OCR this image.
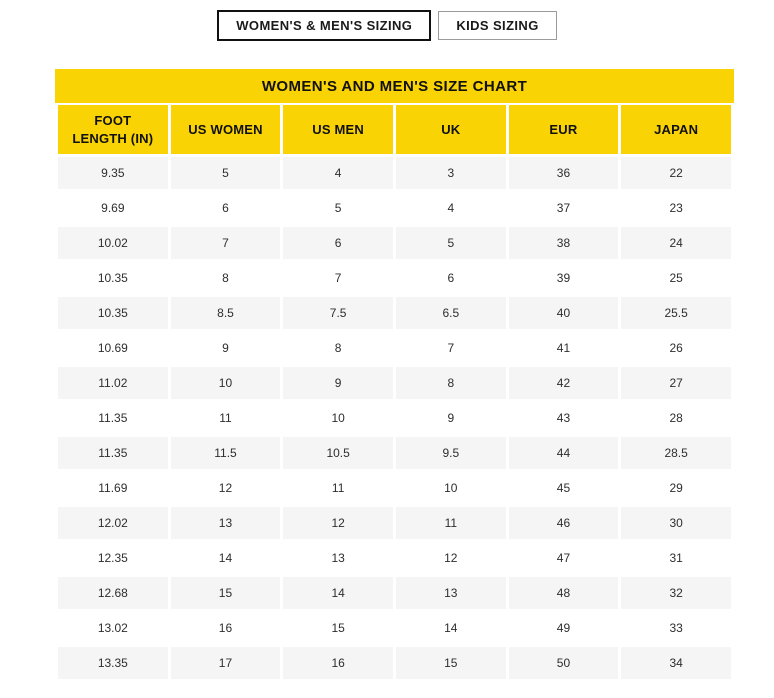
WOMEN'S & MEN'S SIZING	KIDS SIZING
WOMEN'S AND MEN'S SIZE CHART
FOOT LENGTH (IN)	US WOMEN	US MEN	UK	EUR	JAPAN
9.35	5	4	3	36	22
9.69	6	5	4	37	23
10.02	7	6	5	38	24
10.35	8	7	6	39	25
10.35	8.5	7.5	6.5	40	25.5
10.69	9	8	7	41	26
11.02	10	9	8	42	27
11.35	11	10	9	43	28
11.35	11.5	10.5	9.5	44	28.5
11.69	12	11	10	45	29
12.02	13	12	11	46	30
12.35	14	13	12	47	31
12.68	15	14	13	48	32
13.02	16	15	14	49	33
13.35	17	16	15	50	34
